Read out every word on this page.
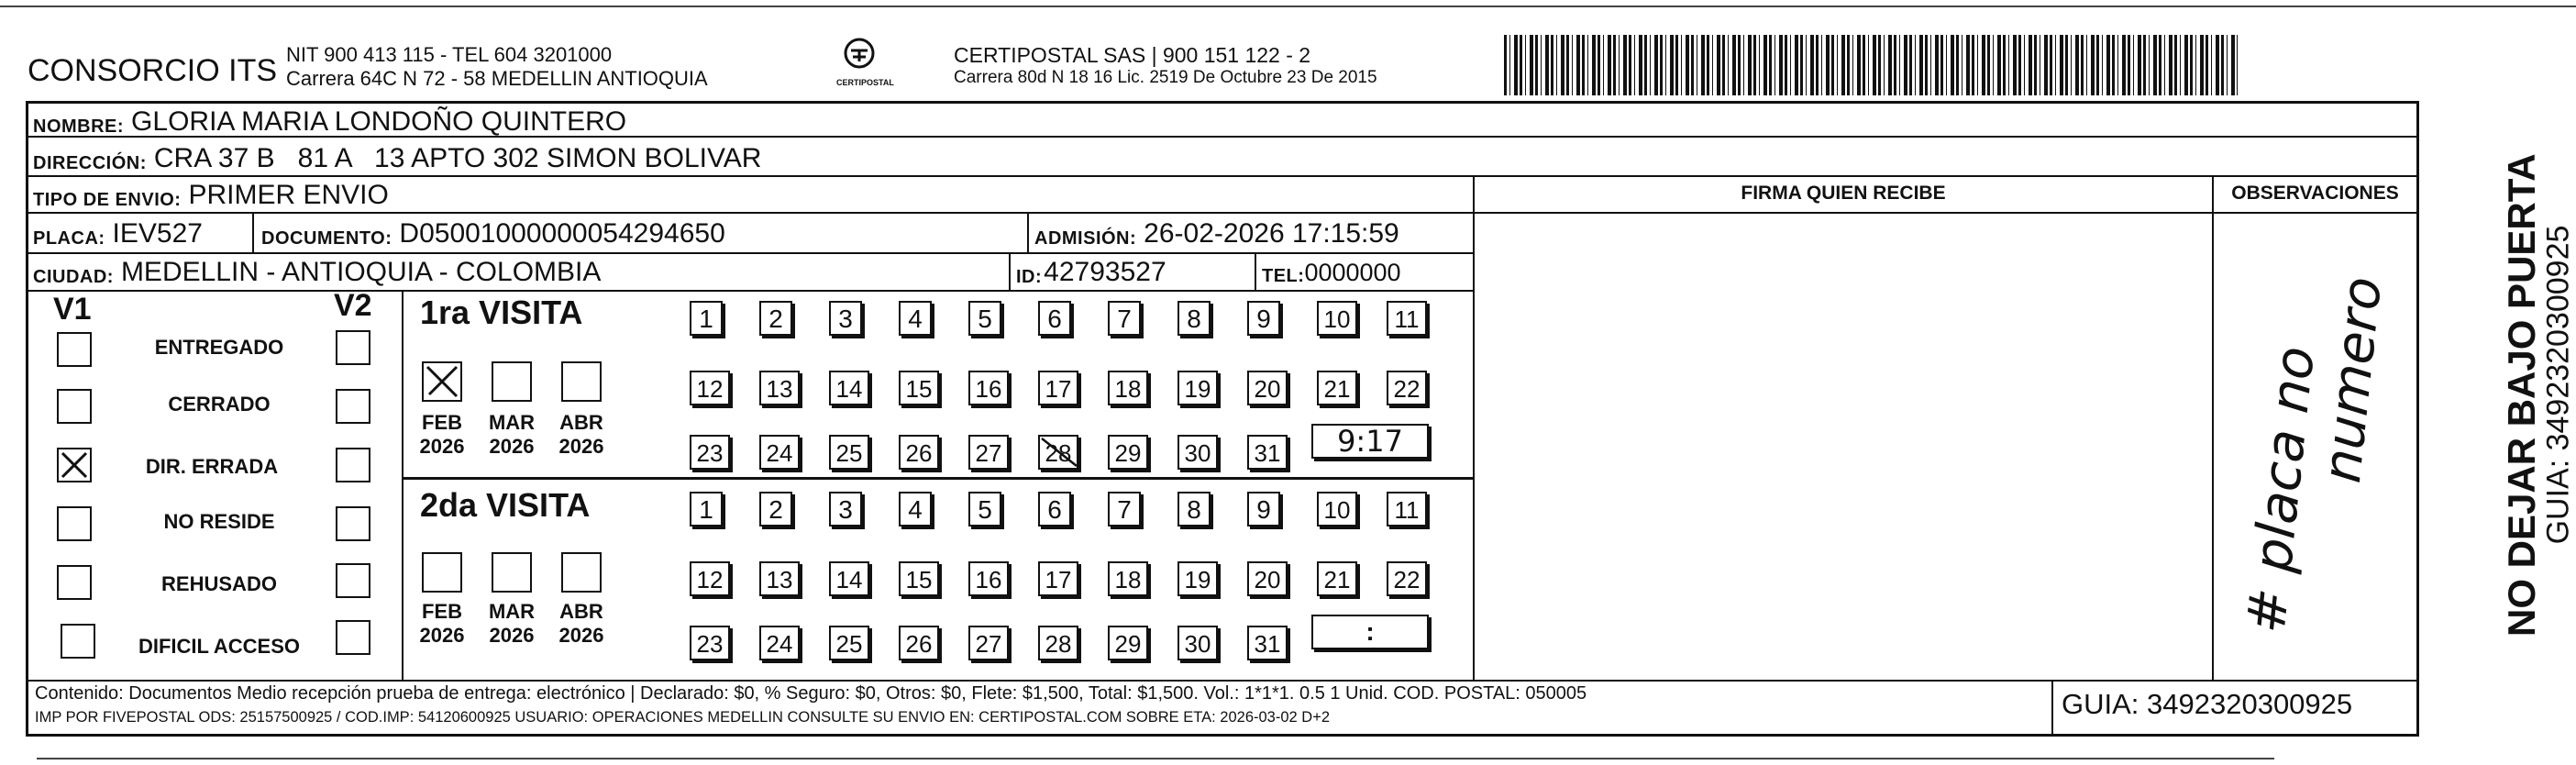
CONSORCIO ITS NIT 900 413 115 - TEL 604 3201000
Carrera 64C N 72 - 58 MEDELLIN ANTIOQUIA	CERTIPOSTAL
CERTIPOSTAL SAS | 900 151 122 - 2
Carrera 80d N 18 16 Lic. 2519 De Octubre 23 De 2015
NOMBRE: GLORIA MARIA LONDOÑO QUINTERO
DIRECCIÓN: CRA 37 B   81 A   13 APTO 302 SIMON BOLIVAR
TIPO DE ENVIO: PRIMER ENVIO
PLACA: IEV527	DOCUMENTO: D05001000000054294650	ADMISIÓN: 26-02-2026 17:15:59
CIUDAD: MEDELLIN - ANTIOQUIA - COLOMBIA	ID: 42793527	TEL: 0000000
FIRMA QUIEN RECIBE	OBSERVACIONES
# placa no
numero
V1	V2
ENTREGADO
CERRADO
DIR. ERRADA
NO RESIDE
REHUSADO
DIFICIL ACCESO
1ra VISITA
FEB
2026
MAR
2026
ABR
2026
2da VISITA
FEB
2026
MAR
2026
ABR
2026
1	2	3	4	5	6	7	8	9	10	11
12 13 14 15 16 17 18 19 20 21 22
23 24 25 26 27 28 29 30 31
1	2	3	4	5	6	7	8	9	10	11
12 13 14 15 16 17 18 19 20 21 22
23 24 25 26 27 28 29 30 31
9:17
:
Contenido: Documentos Medio recepción prueba de entrega: electrónico | Declarado: $0, % Seguro: $0, Otros: $0, Flete: $1,500, Total: $1,500. Vol.: 1*1*1. 0.5 1 Unid. COD. POSTAL: 050005
IMP POR FIVEPOSTAL ODS: 25157500925 / COD.IMP: 54120600925 USUARIO: OPERACIONES MEDELLIN CONSULTE SU ENVIO EN: CERTIPOSTAL.COM SOBRE ETA: 2026-03-02 D+2	GUIA: 3492320300925
NO DEJAR BAJO PUERTA
GUIA: 3492320300925
